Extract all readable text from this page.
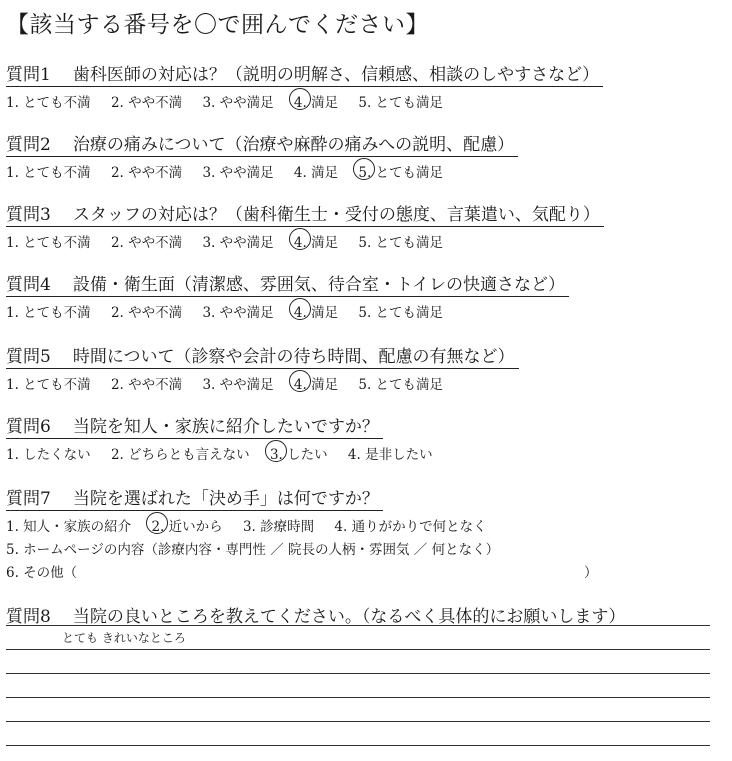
【該当する番号を〇で囲んでください】
質問1 歯科医師の対応は？（説明の明解さ、信頼感、相談のしやすさなど）
1. とても不満 2. やや不満 3. やや満足 4. 満足 5. とても満足
質問2 治療の痛みについて（治療や麻酔の痛みへの説明、配慮）
1. とても不満 2. やや不満 3. やや満足 4. 満足 5. とても満足
質問3 スタッフの対応は？（歯科衛生士・受付の態度、言葉遣い、気配り）
1. とても不満 2. やや不満 3. やや満足 4. 満足 5. とても満足
質問4 設備・衛生面（清潔感、雰囲気、待合室・トイレの快適さなど）
1. とても不満 2. やや不満 3. やや満足 4. 満足 5. とても満足
質問5 時間について（診察や会計の待ち時間、配慮の有無など）
1. とても不満 2. やや不満 3. やや満足 4. 満足 5. とても満足
質問6 当院を知人・家族に紹介したいですか？
1. したくない 2. どちらとも言えない 3. したい 4. 是非したい
質問7 当院を選ばれた「決め手」は何ですか？
1. 知人・家族の紹介 2. 近いから 3. 診療時間 4. 通りがかりで何となく
5. ホームページの内容（診療内容・専門性 ／ 院長の人柄・雰囲気 ／ 何となく）
6. その他（	）
質問8 当院の良いところを教えてください。（なるべく具体的にお願いします）
とても きれいなところ
